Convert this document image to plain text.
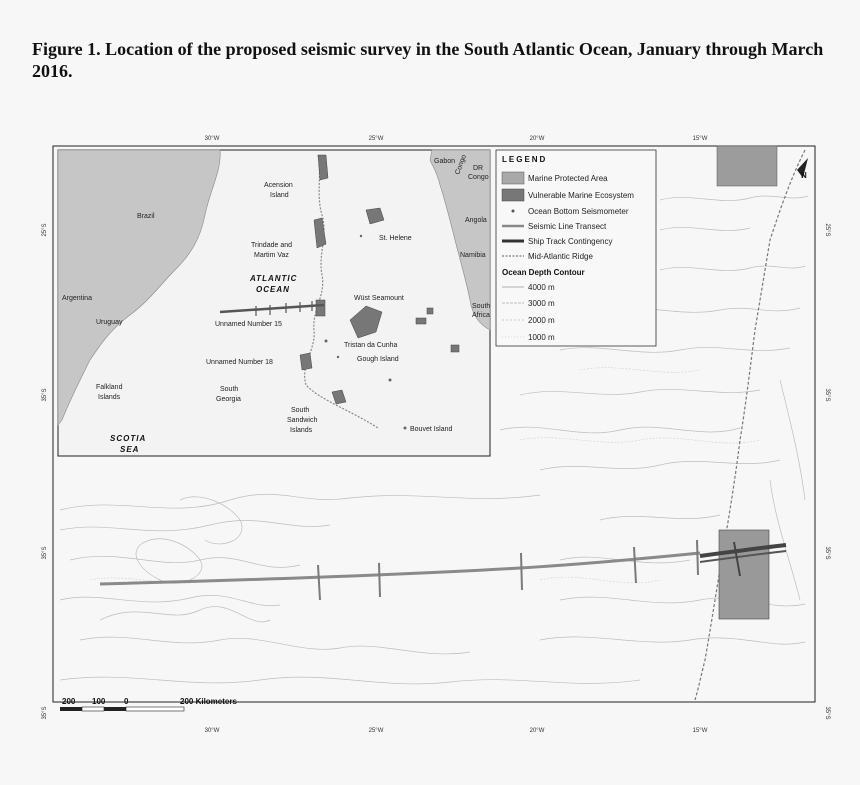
Figure 1. Location of the proposed seismic survey in the South Atlantic Ocean, January through March 2016.

30°W	25°W	20°W	15°W
30°W	25°W	20°W	15°W
25°S
35°S
35°S
35°S
25°S
35°S
35°S
35°S
N
200 100 0	200 Kilometers
Gabon
DR
Congo
Congo
Angola
Namibia
South
Africa
Brazil
Argentina
Uruguay
Acension
Island
St. Helene
Trindade and
Martim Vaz
ATLANTIC
OCEAN
Wüst Seamount
Unnamed Number 15
Tristan da Cunha
Unnamed Number 18	Gough Island
Falkland
Islands
South
Georgia
South
Sandwich
Islands	Bouvet Island
SCOTIA
SEA
LEGEND
Marine Protected Area
Vulnerable Marine Ecosystem
Ocean Bottom Seismometer
Seismic Line Transect
Ship Track Contingency
Mid-Atlantic Ridge
Ocean Depth Contour
4000 m
3000 m
2000 m
1000 m
